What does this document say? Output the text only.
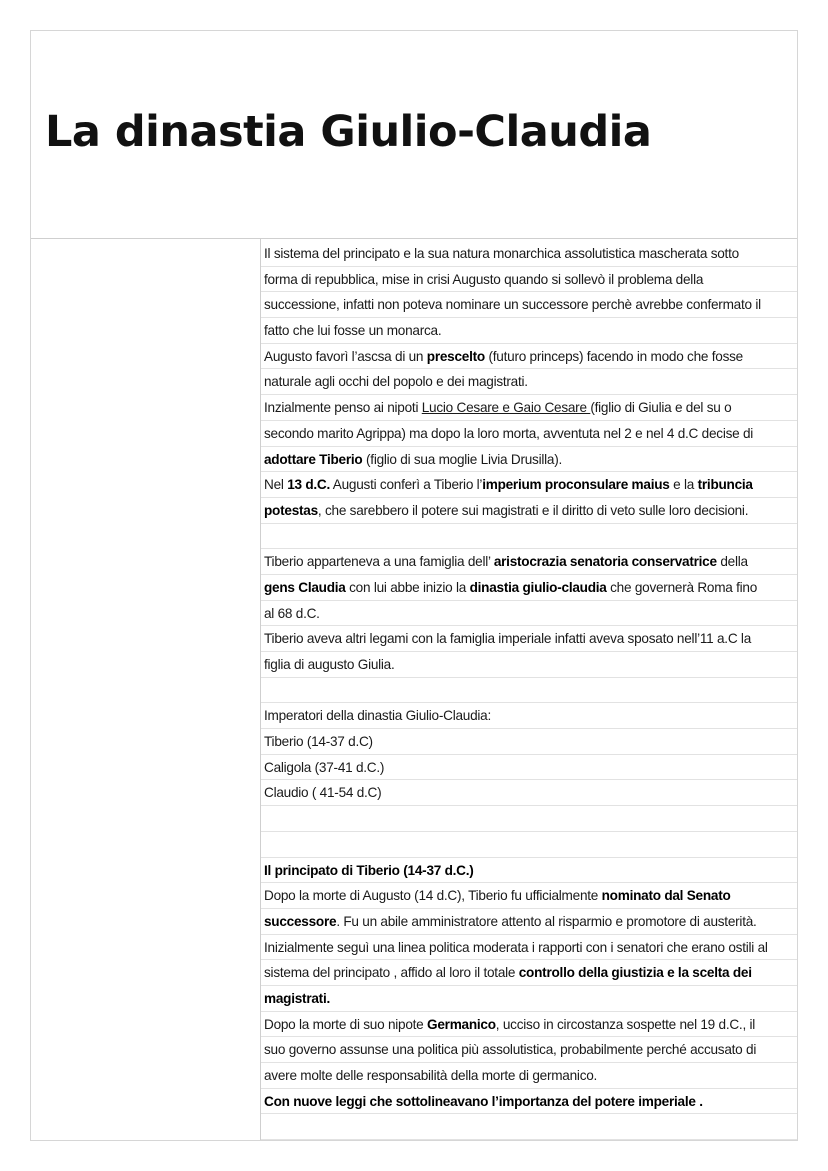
La dinastia Giulio-Claudia
Il sistema del principato e la sua natura monarchica assolutistica mascherata sotto
forma di repubblica, mise in crisi Augusto quando si sollevò il problema della
successione, infatti non poteva nominare un successore perchè avrebbe confermato il
fatto che lui fosse un monarca.
Augusto favorì l’ascsa di un prescelto (futuro princeps) facendo in modo che fosse
naturale agli occhi del popolo e dei magistrati.
Inzialmente penso ai nipoti Lucio Cesare e Gaio Cesare (figlio di Giulia e del su o
secondo marito Agrippa) ma dopo la loro morta, avventuta nel 2 e nel 4 d.C decise di
adottare Tiberio (figlio di sua moglie Livia Drusilla).
Nel 13 d.C. Augusti conferì a Tiberio l’imperium proconsulare maius e la tribuncia
potestas, che sarebbero il potere sui magistrati e il diritto di veto sulle loro decisioni.
Tiberio apparteneva a una famiglia dell’ aristocrazia senatoria conservatrice della
gens Claudia con lui abbe inizio la dinastia giulio-claudia che governerà Roma fino
al 68 d.C.
Tiberio aveva altri legami con la famiglia imperiale infatti aveva sposato nell’11 a.C la
figlia di augusto Giulia.
Imperatori della dinastia Giulio-Claudia:
Tiberio (14-37 d.C)
Caligola (37-41 d.C.)
Claudio ( 41-54 d.C)
Il principato di Tiberio (14-37 d.C.)
Dopo la morte di Augusto (14 d.C), Tiberio fu ufficialmente nominato dal Senato
successore. Fu un abile amministratore attento al risparmio e promotore di austerità.
Inizialmente seguì una linea politica moderata i rapporti con i senatori che erano ostili al
sistema del principato , affido al loro il totale controllo della giustizia e la scelta dei
magistrati.
Dopo la morte di suo nipote Germanico, ucciso in circostanza sospette nel 19 d.C., il
suo governo assunse una politica più assolutistica, probabilmente perché accusato di
avere molte delle responsabilità della morte di germanico.
Con nuove leggi che sottolineavano l’importanza del potere imperiale .
